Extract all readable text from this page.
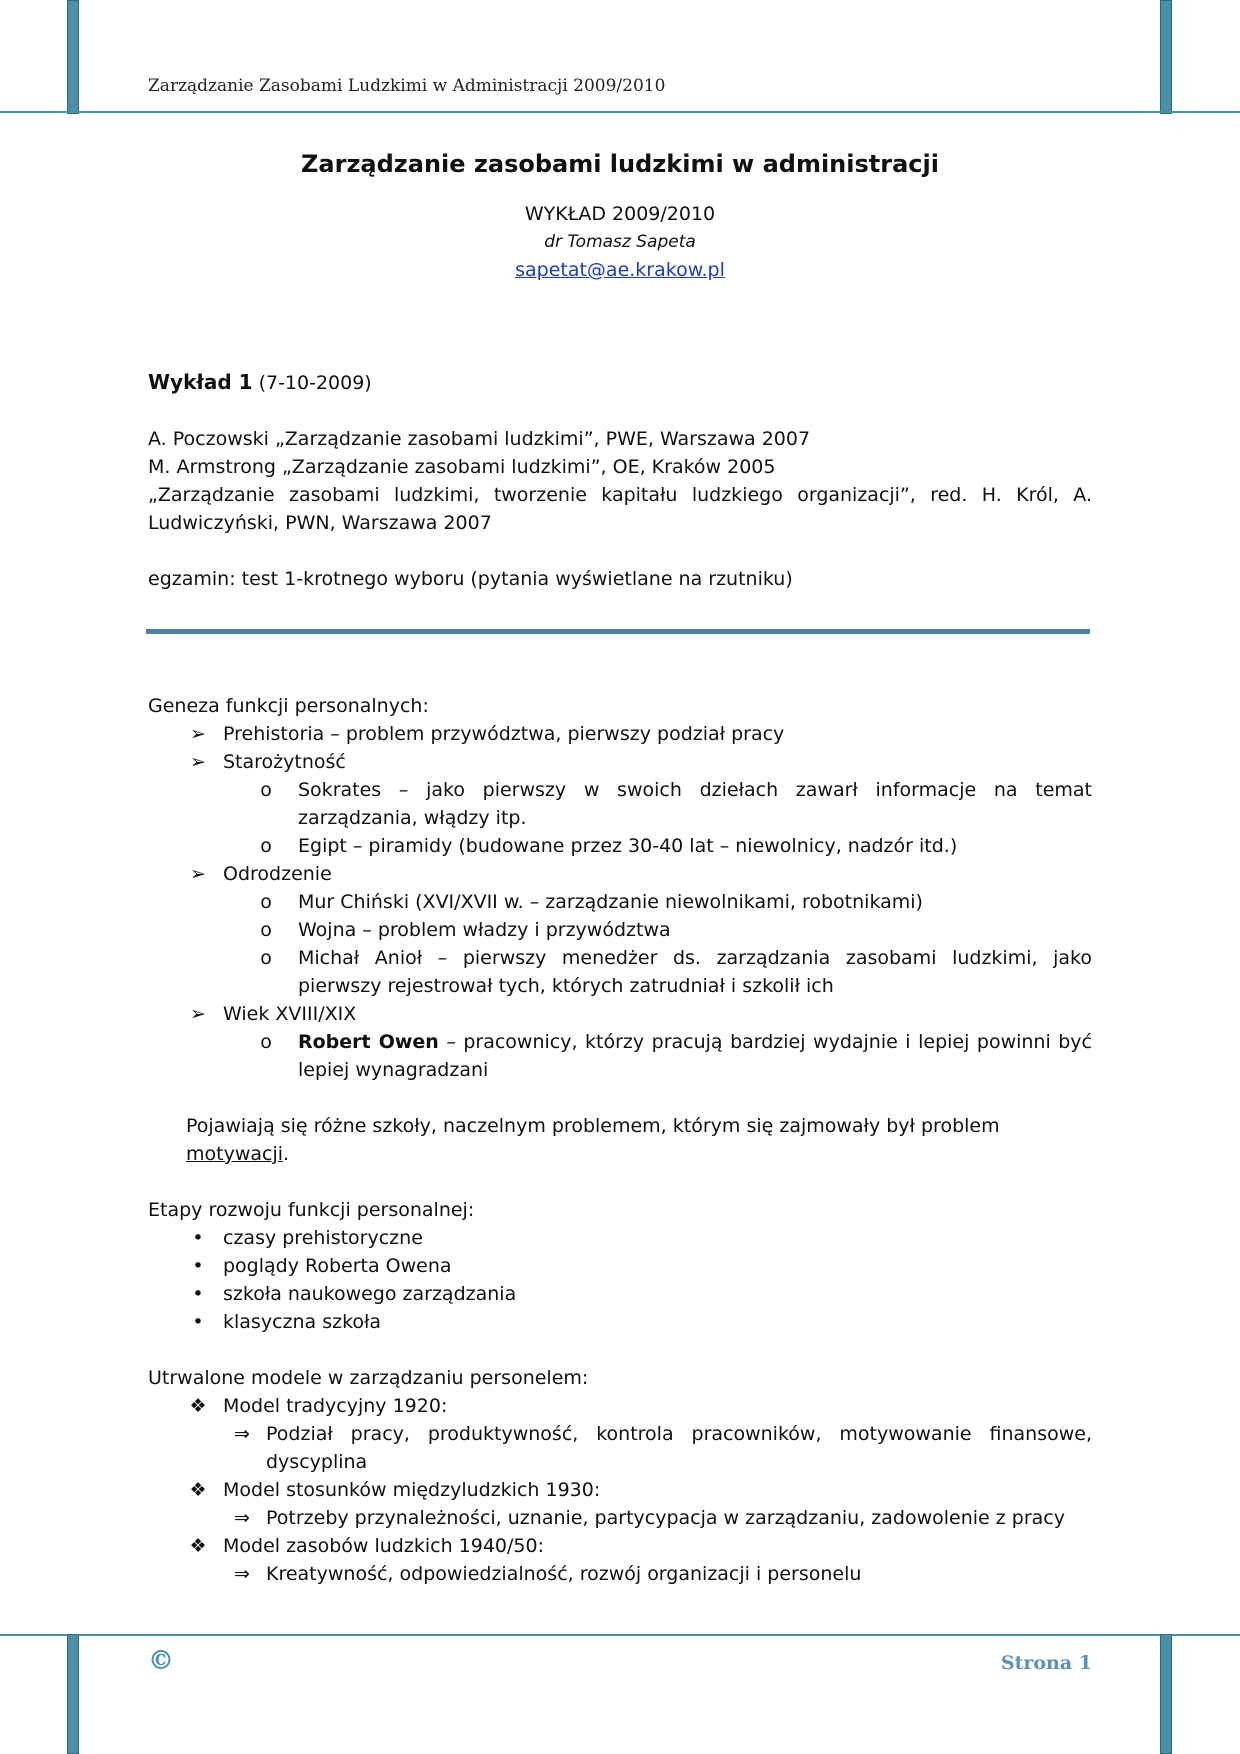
Zarządzanie Zasobami Ludzkimi w Administracji 2009/2010
Zarządzanie zasobami ludzkimi w administracji
WYKŁAD 2009/2010
dr Tomasz Sapeta
sapetat@ae.krakow.pl

Wykład 1 (7-10-2009)

A. Poczowski „Zarządzanie zasobami ludzkimi”, PWE, Warszawa 2007

M. Armstrong „Zarządzanie zasobami ludzkimi”, OE, Kraków 2005

„Zarządzanie zasobami ludzkimi, tworzenie kapitału ludzkiego organizacji”, red. H. Król, A. Ludwiczyński, PWN, Warszawa 2007

egzamin: test 1-krotnego wyboru (pytania wyświetlane na rzutniku)

Geneza funkcji personalnych:

➢ Prehistoria – problem przywództwa, pierwszy podział pracy
➢ Starożytność
o Sokrates – jako pierwszy w swoich dziełach zawarł informacje na temat zarządzania, włądzy itp.
o Egipt – piramidy (budowane przez 30-40 lat – niewolnicy, nadzór itd.)
➢ Odrodzenie
o Mur Chiński (XVI/XVII w. – zarządzanie niewolnikami, robotnikami)
o Wojna – problem władzy i przywództwa
o Michał Anioł – pierwszy menedżer ds. zarządzania zasobami ludzkimi, jako pierwszy rejestrował tych, których zatrudniał i szkolił ich
➢ Wiek XVIII/XIX
o Robert Owen – pracownicy, którzy pracują bardziej wydajnie i lepiej powinni być lepiej wynagradzani

Pojawiają się różne szkoły, naczelnym problemem, którym się zajmowały był problem motywacji.

Etapy rozwoju funkcji personalnej:

•	czasy prehistoryczne
•	poglądy Roberta Owena
•	szkoła naukowego zarządzania
•	klasyczna szkoła

Utrwalone modele w zarządzaniu personelem:

❖ Model tradycyjny 1920:
⇒ Podział pracy, produktywność, kontrola pracowników, motywowanie finansowe, dyscyplina
❖ Model stosunków międzyludzkich 1930:
⇒ Potrzeby przynależności, uznanie, partycypacja w zarządzaniu, zadowolenie z pracy
❖ Model zasobów ludzkich 1940/50:
⇒ Kreatywność, odpowiedzialność, rozwój organizacji i personelu
©	Strona 1
